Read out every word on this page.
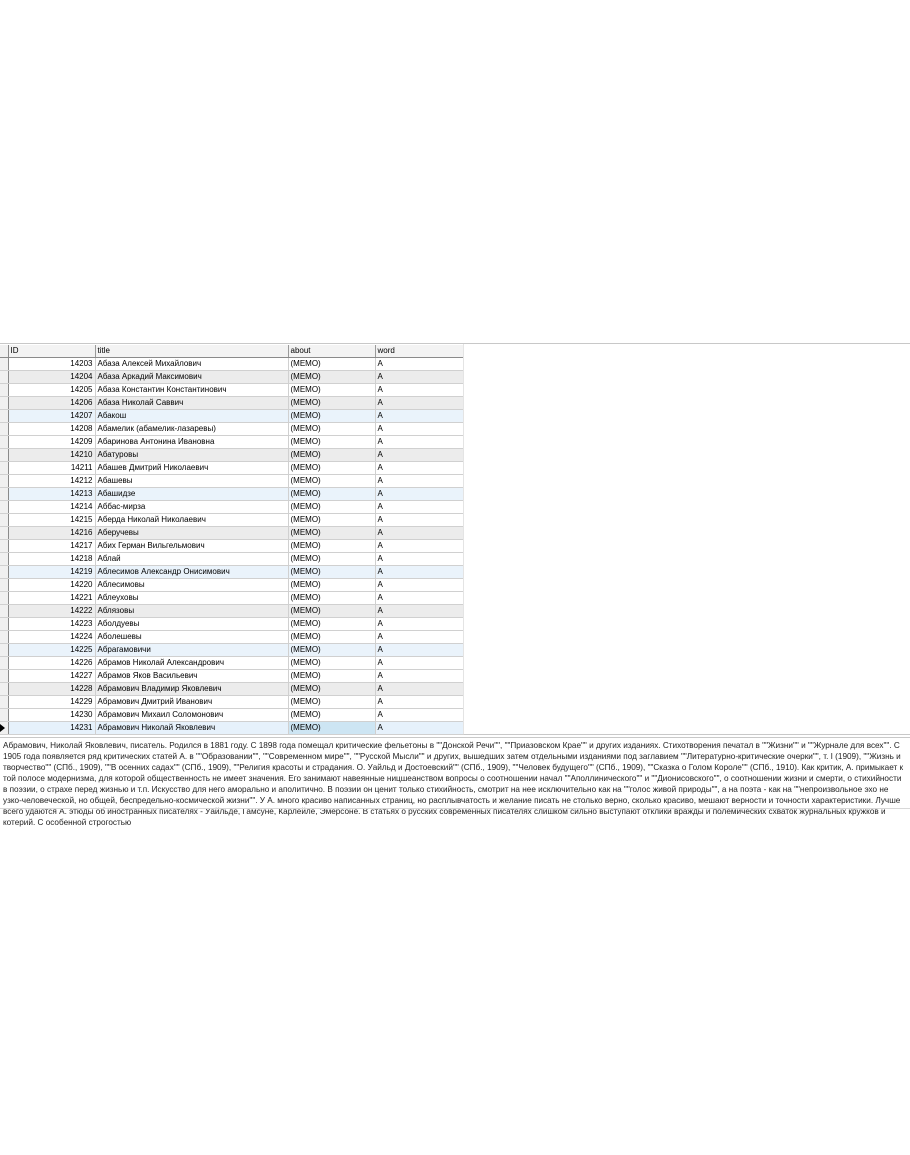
	ID	title	about	word
	14203	Абаза Алексей Михайлович	(MEMO)	А
	14204	Абаза Аркадий Максимович	(MEMO)	А
	14205	Абаза Константин Константинович	(MEMO)	А
	14206	Абаза Николай Саввич	(MEMO)	А
	14207	Абакош	(MEMO)	А
	14208	Абамелик (абамелик-лазаревы)	(MEMO)	А
	14209	Абаринова Антонина Ивановна	(MEMO)	А
	14210	Абатуровы	(MEMO)	А
	14211	Абашев Дмитрий Николаевич	(MEMO)	А
	14212	Абашевы	(MEMO)	А
	14213	Абашидзе	(MEMO)	А
	14214	Аббас-мирза	(MEMO)	А
	14215	Аберда Николай Николаевич	(MEMO)	А
	14216	Аберучевы	(MEMO)	А
	14217	Абих Герман Вильгельмович	(MEMO)	А
	14218	Аблай	(MEMO)	А
	14219	Аблесимов Александр Онисимович	(MEMO)	А
	14220	Аблесимовы	(MEMO)	А
	14221	Аблеуховы	(MEMO)	А
	14222	Аблязовы	(MEMO)	А
	14223	Аболдуевы	(MEMO)	А
	14224	Аболешевы	(MEMO)	А
	14225	Абрагамовичи	(MEMO)	А
	14226	Абрамов Николай Александрович	(MEMO)	А
	14227	Абрамов Яков Васильевич	(MEMO)	А
	14228	Абрамович Владимир Яковлевич	(MEMO)	А
	14229	Абрамович Дмитрий Иванович	(MEMO)	А
	14230	Абрамович Михаил Соломонович	(MEMO)	А

	14231	Абрамович Николай Яковлевич	(MEMO)	А
Абрамович, Николай Яковлевич, писатель. Родился в 1881 году. С 1898 года помещал критические фельетоны в ""Донской Речи"", ""Приазовском Крае"" и других изданиях. Стихотворения печатал в ""Жизни"" и ""Журнале для всех"". С 1905 года появляется ряд критических статей А. в ""Образовании"", ""Современном мире"", ""Русской Мысли"" и других, вышедших затем отдельными изданиями под заглавием ""Литературно-критические очерки"", т. I (1909), ""Жизнь и творчество"" (СПб., 1909), ""В осенних садах"" (СПб., 1909), ""Религия красоты и страдания. О. Уайльд и Достоевский"" (СПб., 1909), ""Человек будущего"" (СПб., 1909), ""Сказка о Голом Короле"" (СПб., 1910). Как критик, А. примыкает к той полосе модернизма, для которой общественность не имеет значения. Его занимают навеянные ницшеанством вопросы о соотношении начал ""Аполлинического"" и ""Дионисовского"", о соотношении жизни и смерти, о стихийности в поэзии, о страхе перед жизнью и т.п. Искусство для него аморально и аполитично. В поэзии он ценит только стихийность, смотрит на нее исключительно как на ""голос живой природы"", а на поэта - как на ""непроизвольное эхо не узко-человеческой, но общей, беспредельно-космической жизни"". У А. много красиво написанных страниц, но расплывчатость и желание писать не столько верно, сколько красиво, мешают верности и точности характеристики. Лучше всего удаются А. этюды об иностранных писателях - Уайльде, Гамсуне, Карлейле, Эмерсоне. В статьях о русских современных писателях слишком сильно выступают отклики вражды и полемических схваток журнальных кружков и котерий. С особенной строгостью
